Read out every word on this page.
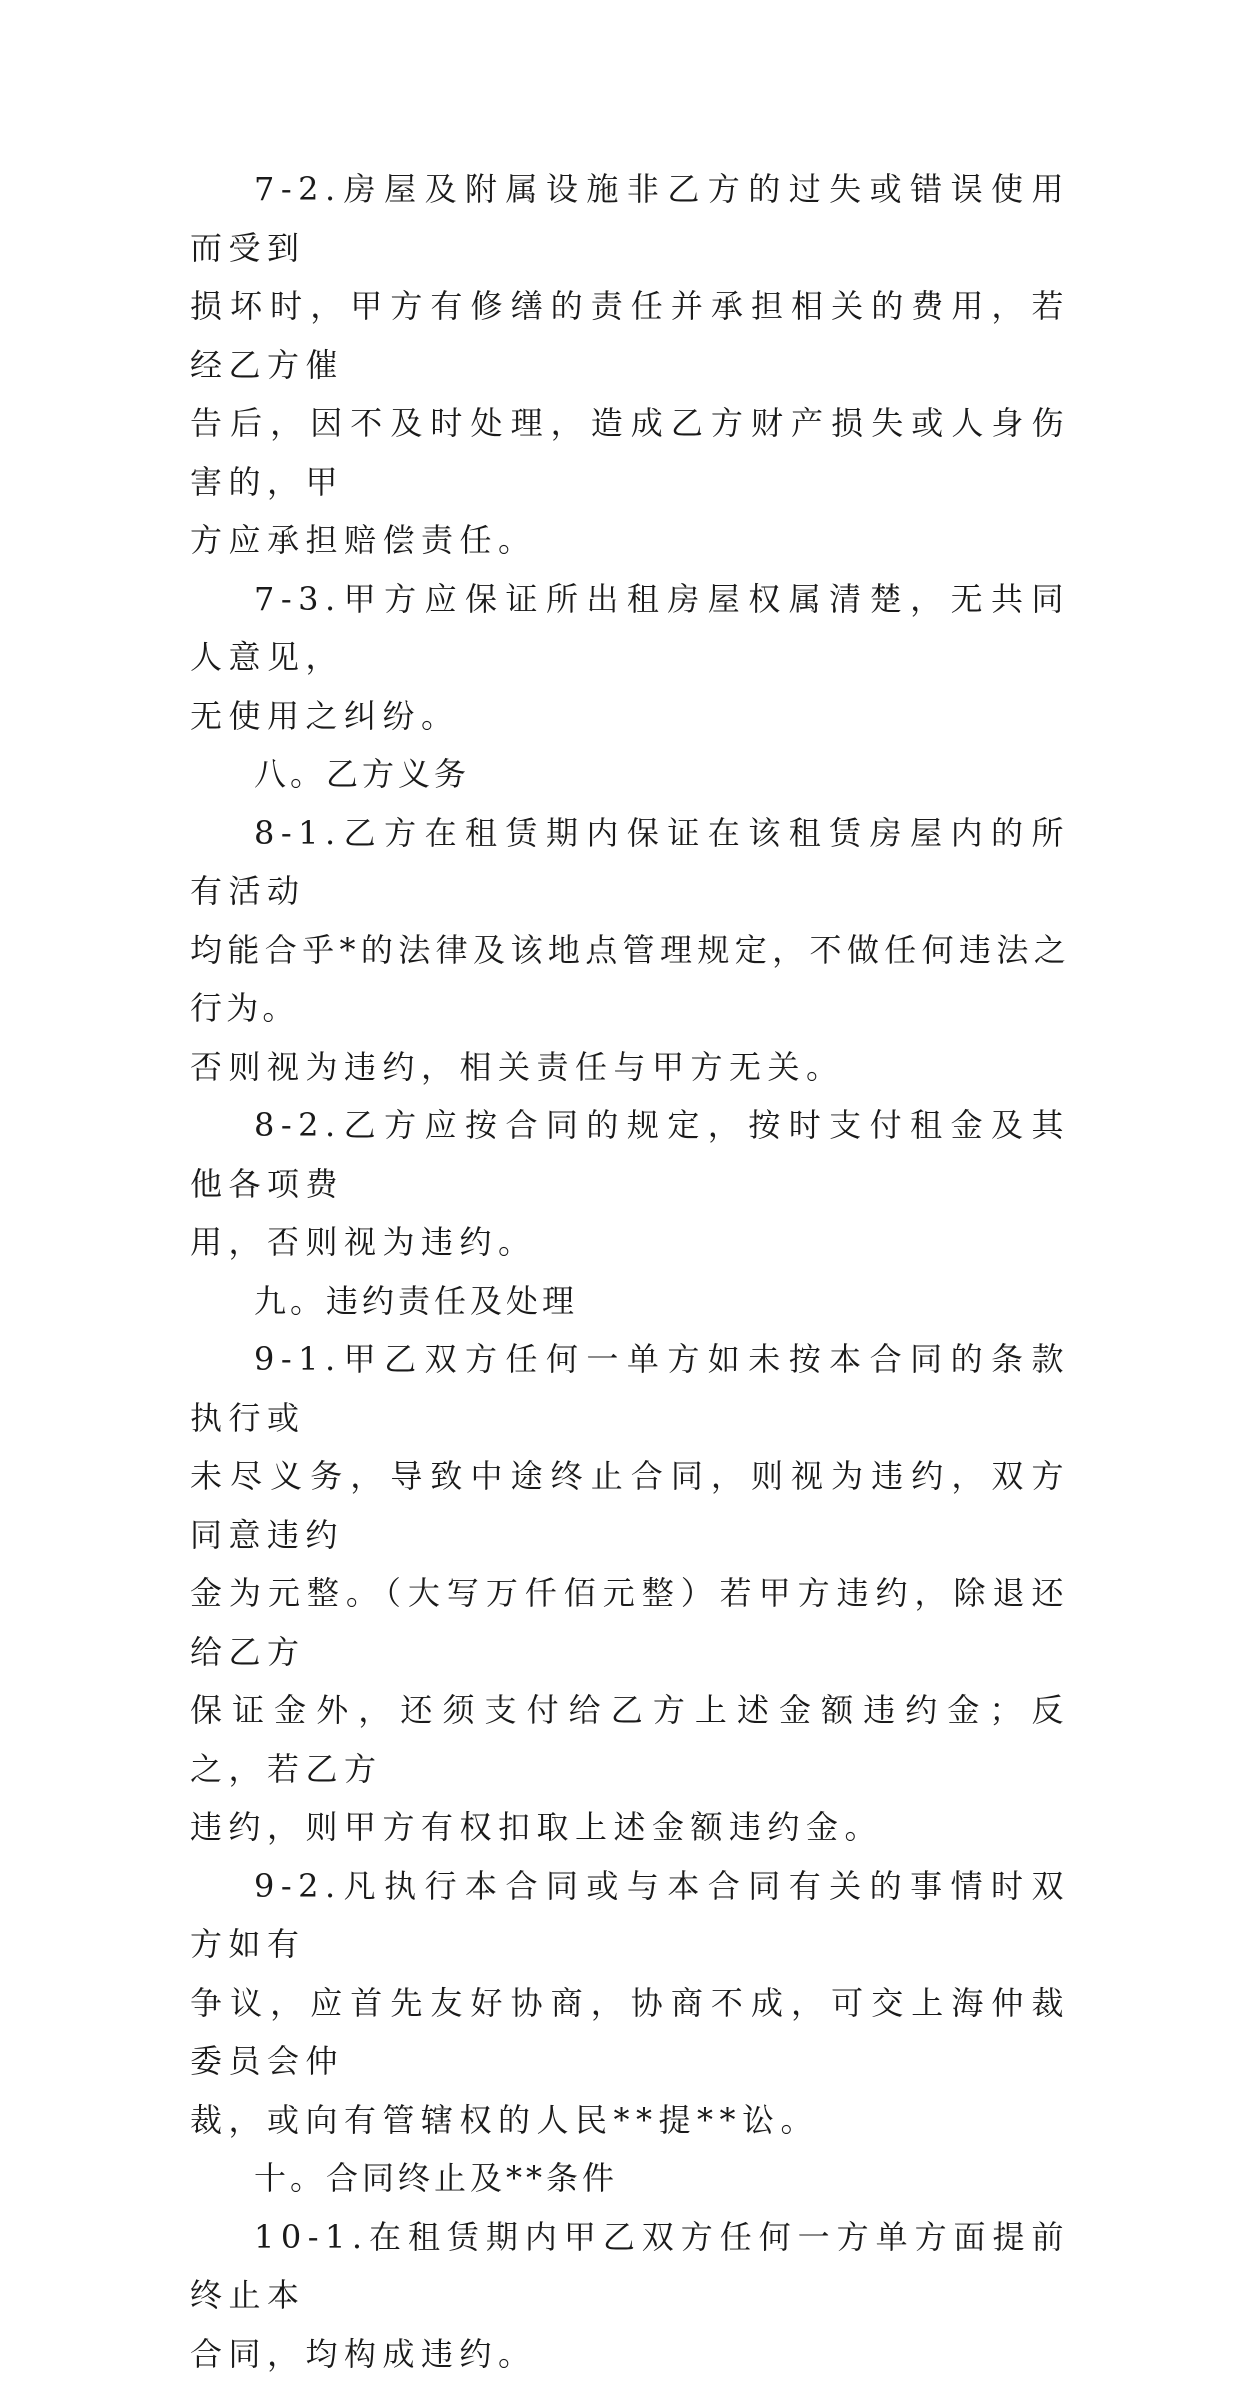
7-2.房屋及附属设施非乙方的过失或错误使用而受到
损坏时，甲方有修缮的责任并承担相关的费用，若经乙方催
告后，因不及时处理，造成乙方财产损失或人身伤害的，甲
方应承担赔偿责任。

7-3.甲方应保证所出租房屋权属清楚，无共同人意见，
无使用之纠纷。

八。乙方义务

8-1.乙方在租赁期内保证在该租赁房屋内的所有活动
均能合乎*的法律及该地点管理规定，不做任何违法之行为。
否则视为违约，相关责任与甲方无关。

8-2.乙方应按合同的规定，按时支付租金及其他各项费
用，否则视为违约。

九。违约责任及处理

9-1.甲乙双方任何一单方如未按本合同的条款执行或
未尽义务，导致中途终止合同，则视为违约，双方同意违约
金为元整。（大写万仟佰元整）若甲方违约，除退还给乙方
保证金外，还须支付给乙方上述金额违约金；反之，若乙方
违约，则甲方有权扣取上述金额违约金。

9-2.凡执行本合同或与本合同有关的事情时双方如有
争议，应首先友好协商，协商不成，可交上海仲裁委员会仲
裁，或向有管辖权的人民**提**讼。

十。合同终止及**条件

10-1.在租赁期内甲乙双方任何一方单方面提前终止本
合同，均构成违约。
